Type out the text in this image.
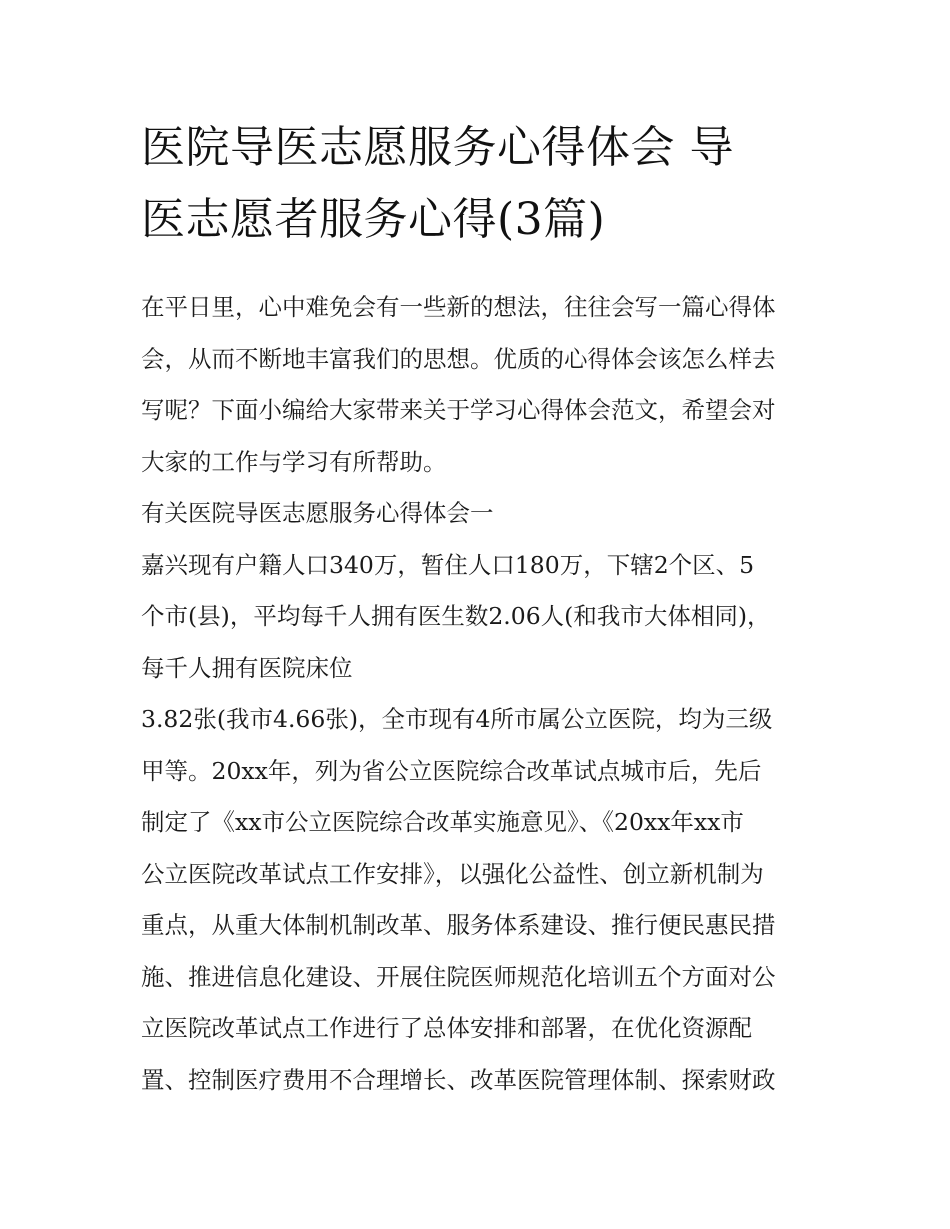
医院导医志愿服务心得体会 导
医志愿者服务心得(3篇)
在平日里，心中难免会有一些新的想法，往往会写一篇心得体
会，从而不断地丰富我们的思想。优质的心得体会该怎么样去
写呢？下面小编给大家带来关于学习心得体会范文，希望会对
大家的工作与学习有所帮助。
有关医院导医志愿服务心得体会一
嘉兴现有户籍人口340万，暂住人口180万，下辖2个区、5
个市(县)，平均每千人拥有医生数2.06人(和我市大体相同)，
每千人拥有医院床位
3.82张(我市4.66张)，全市现有4所市属公立医院，均为三级
甲等。20xx年，列为省公立医院综合改革试点城市后，先后
制定了《xx市公立医院综合改革实施意见》、《20xx年xx市
公立医院改革试点工作安排》，以强化公益性、创立新机制为
重点，从重大体制机制改革、服务体系建设、推行便民惠民措
施、推进信息化建设、开展住院医师规范化培训五个方面对公
立医院改革试点工作进行了总体安排和部署，在优化资源配
置、控制医疗费用不合理增长、改革医院管理体制、探索财政
